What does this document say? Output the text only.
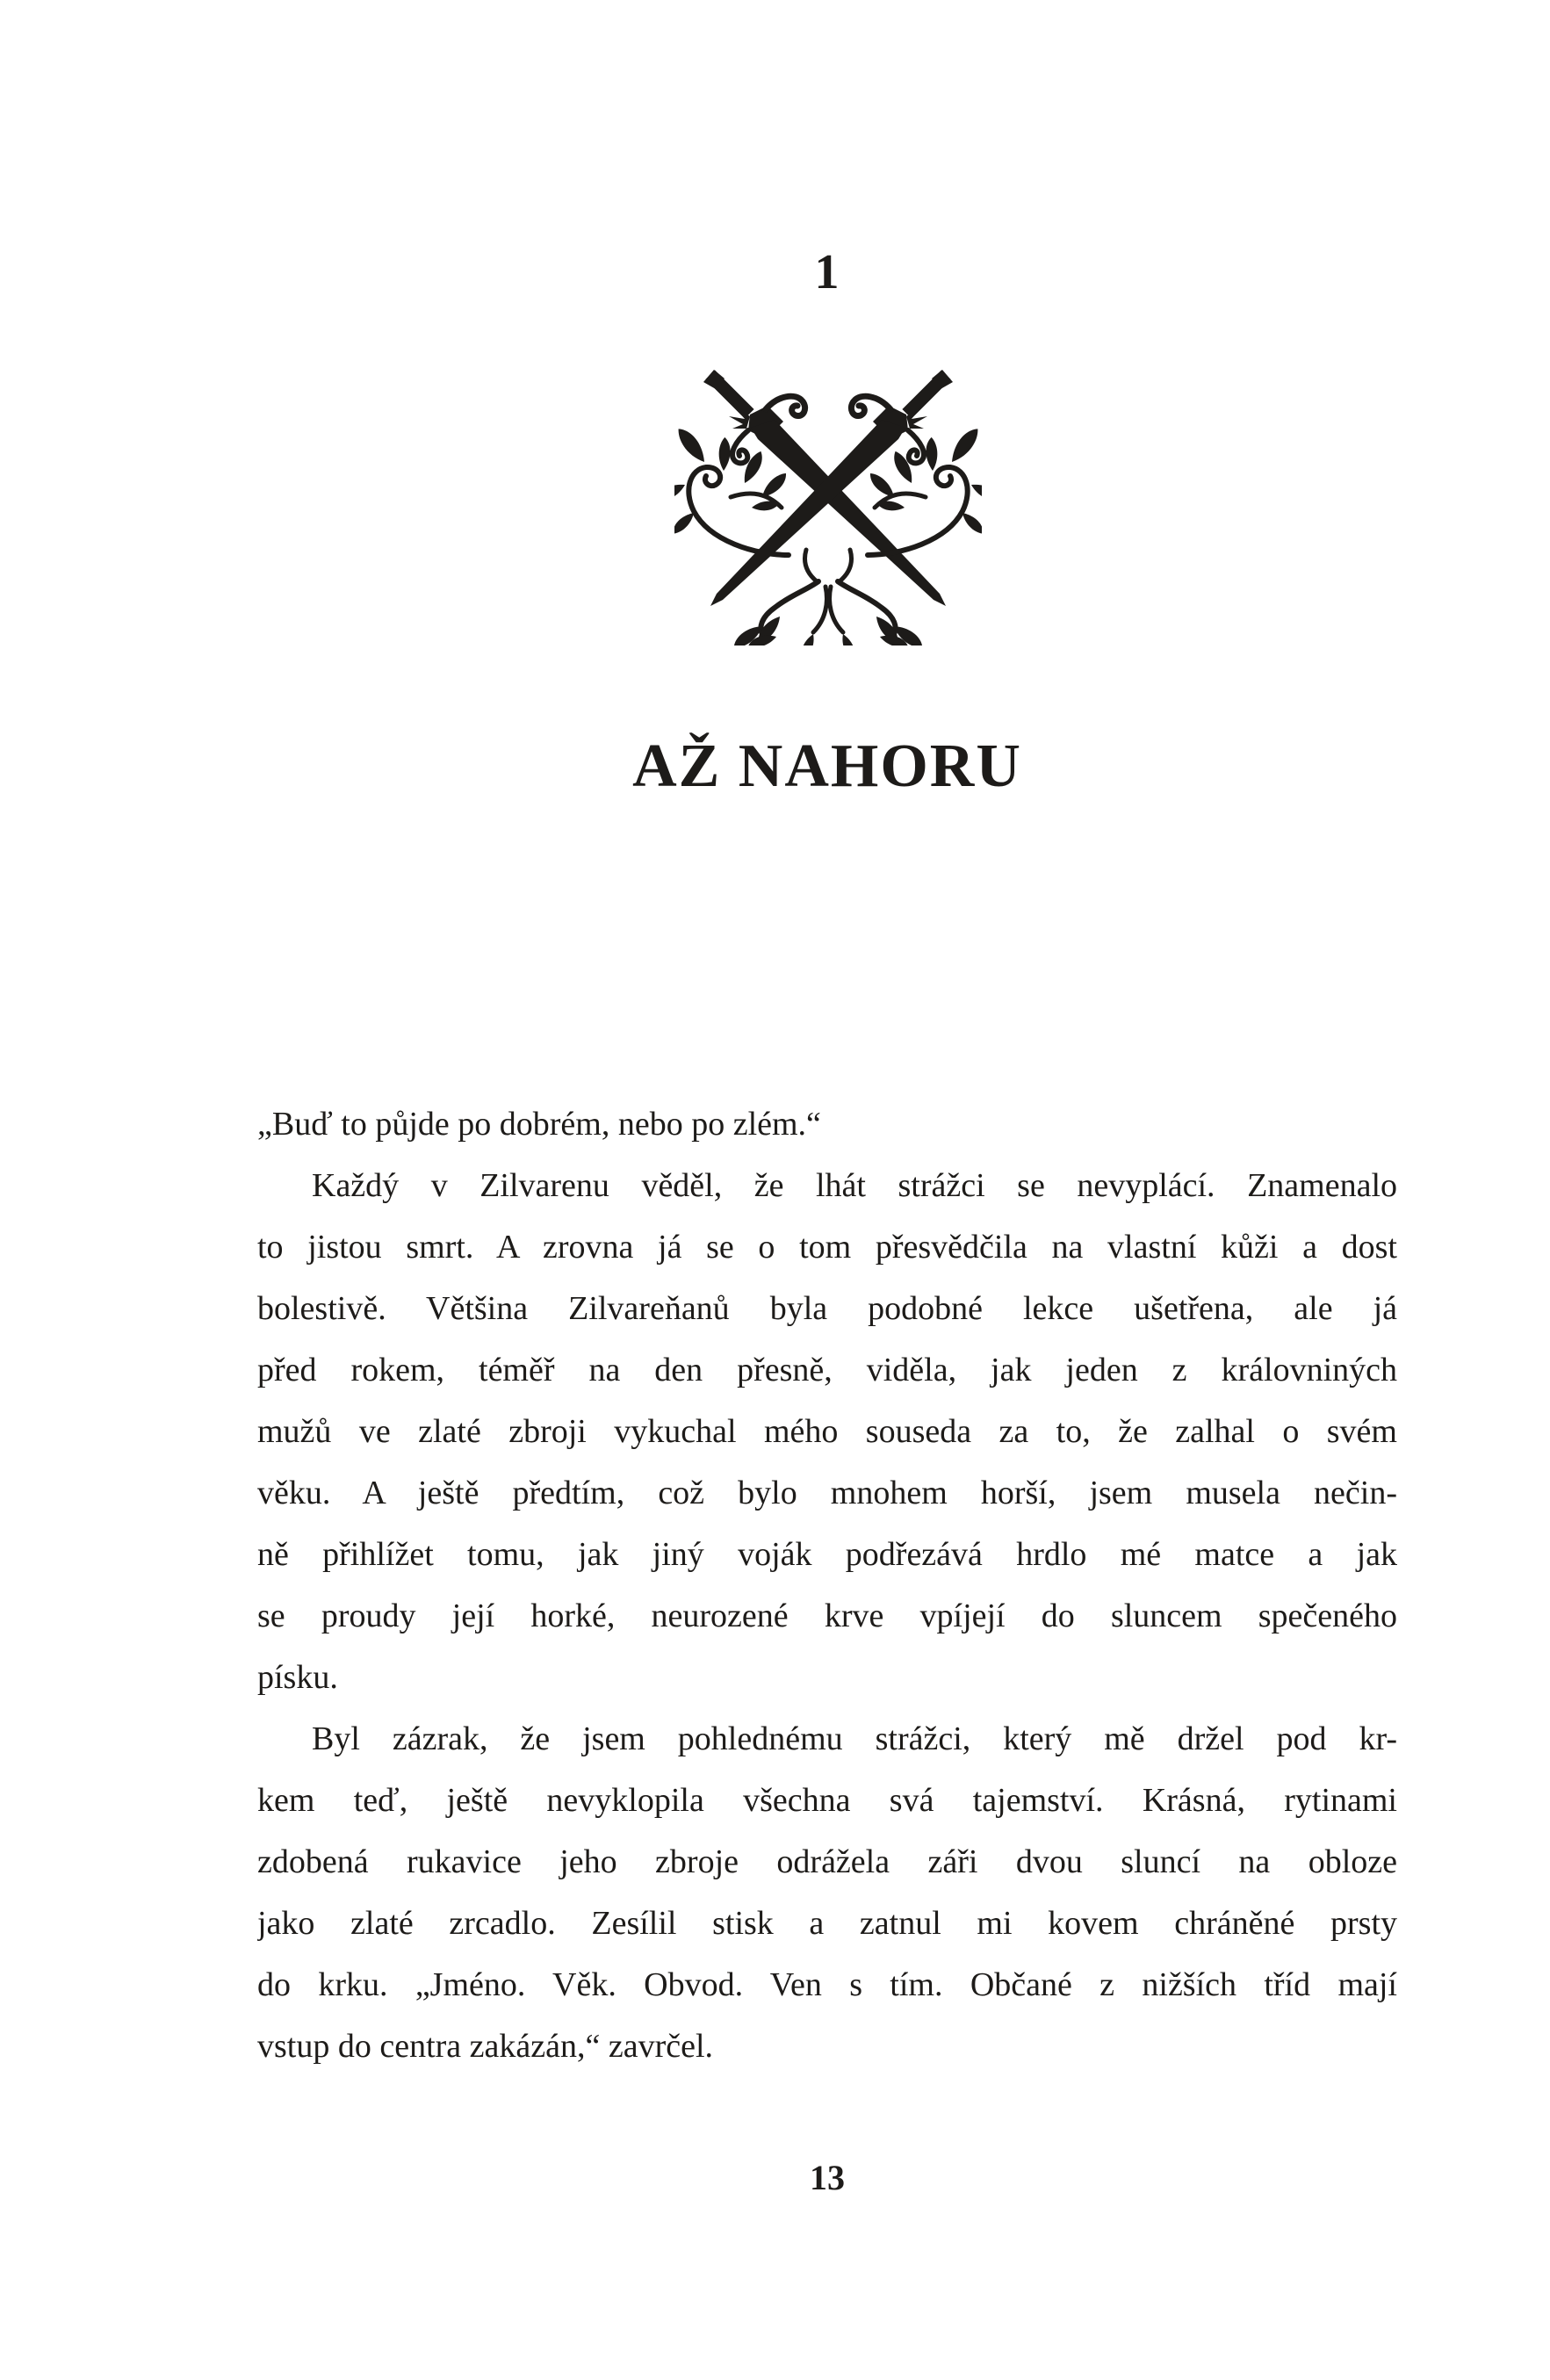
1
AŽ NAHORU
„Buď to půjde po dobrém, nebo po zlém.“
Každý v Zilvarenu věděl, že lhát strážci se nevyplácí. Znamenalo
to jistou smrt. A zrovna já se o tom přesvědčila na vlastní kůži a dost
bolestivě. Většina Zilvareňanů byla podobné lekce ušetřena, ale já
před rokem, téměř na den přesně, viděla, jak jeden z královniných
mužů ve zlaté zbroji vykuchal mého souseda za to, že zalhal o svém
věku. A ještě předtím, což bylo mnohem horší, jsem musela nečin-
ně přihlížet tomu, jak jiný voják podřezává hrdlo mé matce a jak
se proudy její horké, neurozené krve vpíjejí do sluncem spečeného
písku.
Byl zázrak, že jsem pohlednému strážci, který mě držel pod kr-
kem teď, ještě nevyklopila všechna svá tajemství. Krásná, rytinami
zdobená rukavice jeho zbroje odrážela záři dvou sluncí na obloze
jako zlaté zrcadlo. Zesílil stisk a zatnul mi kovem chráněné prsty
do krku. „Jméno. Věk. Obvod. Ven s tím. Občané z nižších tříd mají
vstup do centra zakázán,“ zavrčel.
13
